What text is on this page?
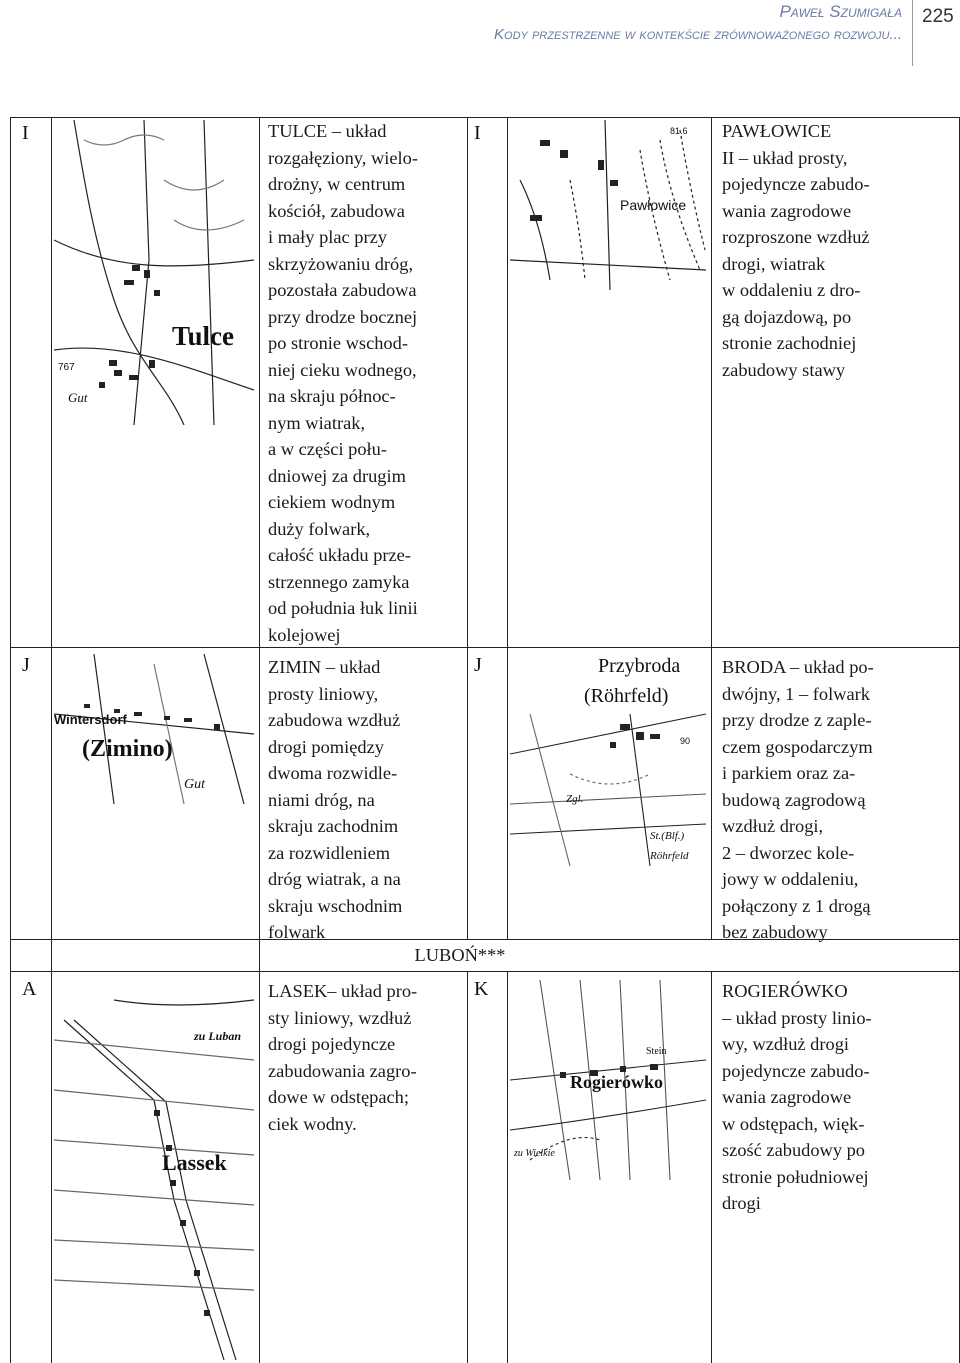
Paweł Szumigała
Kody przestrzenne w kontekście zrównoważonego rozwoju...
225
I
Tulce
Gut
767
TULCE – układ
rozgałęziony, wielo-
drożny, w centrum
kościół, zabudowa
i mały plac przy
skrzyżowaniu dróg,
pozostała zabudowa
przy drodze bocznej
po stronie wschod-
niej cieku wodnego,
na skraju północ-
nym wiatrak,
a w części połu-
dniowej za drugim
ciekiem wodnym
duży folwark,
całość układu prze-
strzennego zamyka
od południa łuk linii
kolejowej
I
Pawłowice
81.6 PAWŁOWICE
II – układ prosty,
pojedyncze zabudo-
wania zagrodowe
rozproszone wzdłuż
drogi, wiatrak
w oddaleniu z dro-
gą dojazdową, po
stronie zachodniej
zabudowy stawy
J
Wintersdorf
(Zimino)
Gut
ZIMIN – układ
prosty liniowy,
zabudowa wzdłuż
drogi pomiędzy
dwoma rozwidle-
niami dróg, na
skraju zachodnim
za rozwidleniem
dróg wiatrak, a na
skraju wschodnim
folwark
J	Przybroda
(Röhrfeld)
Zgl.
St.(Blf.)
Röhrfeld
90
BRODA – układ po-
dwójny, 1 – folwark
przy drodze z zaple-
czem gospodarczym
i parkiem oraz za-
budową zagrodową
wzdłuż drogi,
2 – dworzec kole-
jowy w oddaleniu,
połączony z 1 drogą
bez zabudowy
LUBOŃ***
A
zu Luban
Lassek
LASEK– układ pro-
sty liniowy, wzdłuż
drogi pojedyncze
zabudowania zagro-
dowe w odstępach;
ciek wodny.
K
Rogierówko
zu Wielkie
Stein
ROGIERÓWKO
– układ prosty linio-
wy, wzdłuż drogi
pojedyncze zabudo-
wania zagrodowe
w odstępach, więk-
szość zabudowy po
stronie południowej
drogi
